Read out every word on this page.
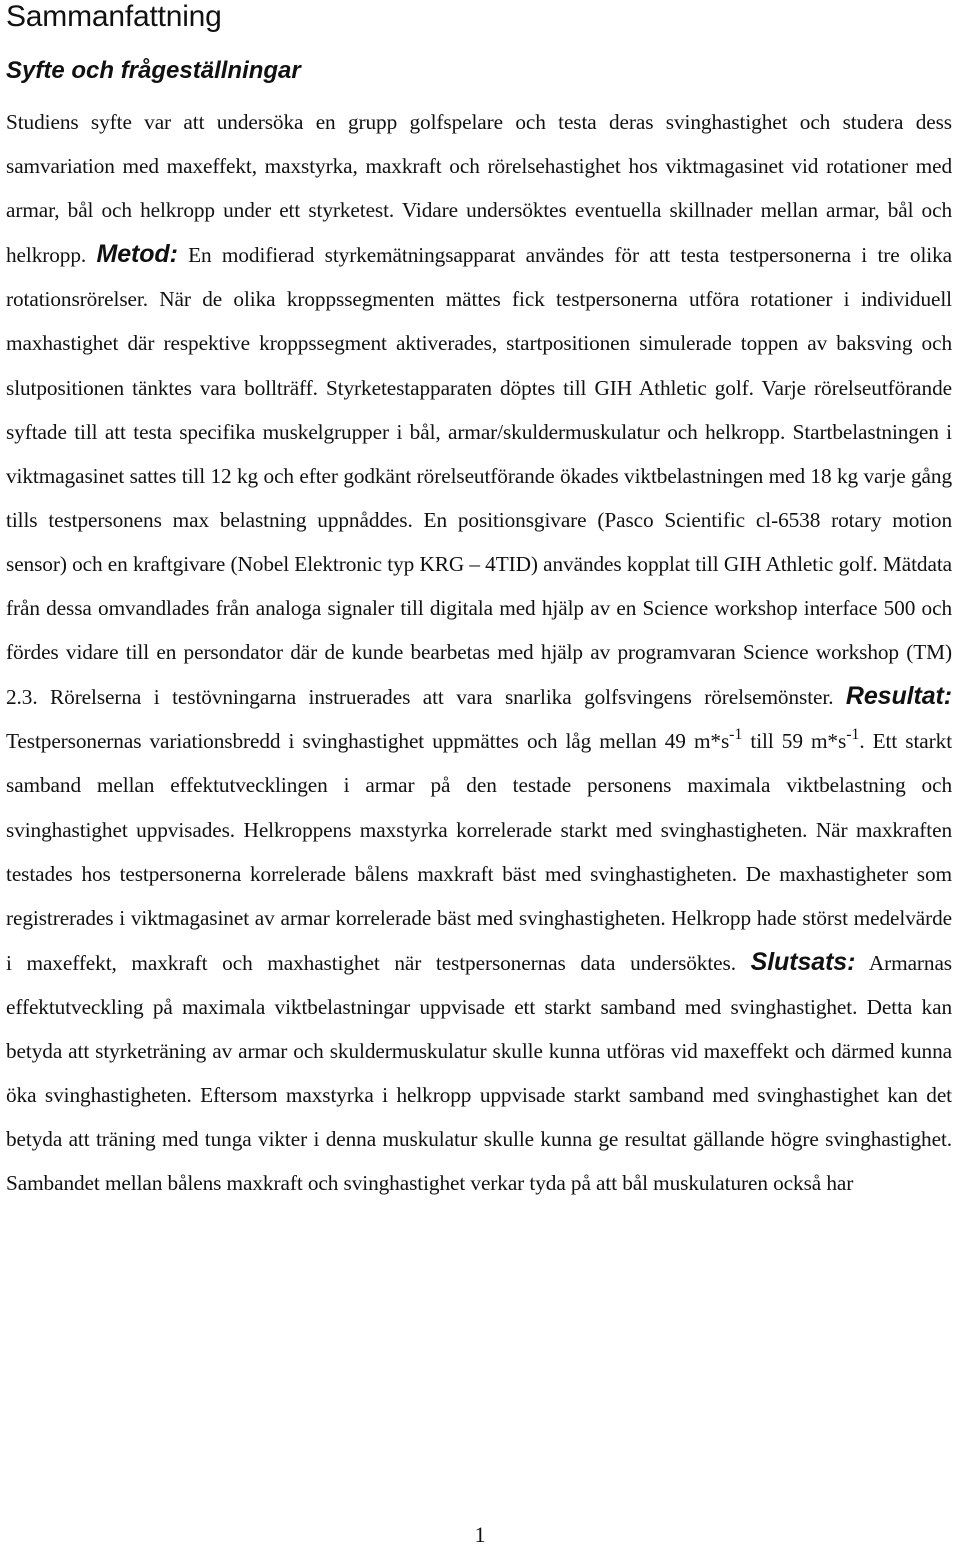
Sammanfattning
Syfte och frågeställningar
Studiens syfte var att undersöka en grupp golfspelare och testa deras svinghastighet och studera dess samvariation med maxeffekt, maxstyrka, maxkraft och rörelsehastighet hos viktmagasinet vid rotationer med armar, bål och helkropp under ett styrketest. Vidare undersöktes eventuella skillnader mellan armar, bål och helkropp. Metod: En modifierad styrkemätningsapparat användes för att testa testpersonerna i tre olika rotationsrörelser. När de olika kroppssegmenten mättes fick testpersonerna utföra rotationer i individuell maxhastighet där respektive kroppssegment aktiverades, startpositionen simulerade toppen av baksving och slutpositionen tänktes vara bollträff. Styrketestapparaten döptes till GIH Athletic golf. Varje rörelseutförande syftade till att testa specifika muskelgrupper i bål, armar/skuldermuskulatur och helkropp. Startbelastningen i viktmagasinet sattes till 12 kg och efter godkänt rörelseutförande ökades viktbelastningen med 18 kg varje gång tills testpersonens max belastning uppnåddes. En positionsgivare (Pasco Scientific cl-6538 rotary motion sensor) och en kraftgivare (Nobel Elektronic typ KRG – 4TID) användes kopplat till GIH Athletic golf. Mätdata från dessa omvandlades från analoga signaler till digitala med hjälp av en Science workshop interface 500 och fördes vidare till en persondator där de kunde bearbetas med hjälp av programvaran Science workshop (TM) 2.3. Rörelserna i testövningarna instruerades att vara snarlika golfsvingens rörelsemönster. Resultat: Testpersonernas variationsbredd i svinghastighet uppmättes och låg mellan 49 $m*s^{-1}$ till 59 $m*s^{-1}$. Ett starkt samband mellan effektutvecklingen i armar på den testade personens maximala viktbelastning och svinghastighet uppvisades. Helkroppens maxstyrka korrelerade starkt med svinghastigheten. När maxkraften testades hos testpersonerna korrelerade bålens maxkraft bäst med svinghastigheten. De maxhastigheter som registrerades i viktmagasinet av armar korrelerade bäst med svinghastigheten. Helkropp hade störst medelvärde i maxeffekt, maxkraft och maxhastighet när testpersonernas data undersöktes. Slutsats: Armarnas effektutveckling på maximala viktbelastningar uppvisade ett starkt samband med svinghastighet. Detta kan betyda att styrketräning av armar och skuldermuskulatur skulle kunna utföras vid maxeffekt och därmed kunna öka svinghastigheten. Eftersom maxstyrka i helkropp uppvisade starkt samband med svinghastighet kan det betyda att träning med tunga vikter i denna muskulatur skulle kunna ge resultat gällande högre svinghastighet. Sambandet mellan bålens maxkraft och svinghastighet verkar tyda på att bål muskulaturen också har
1
